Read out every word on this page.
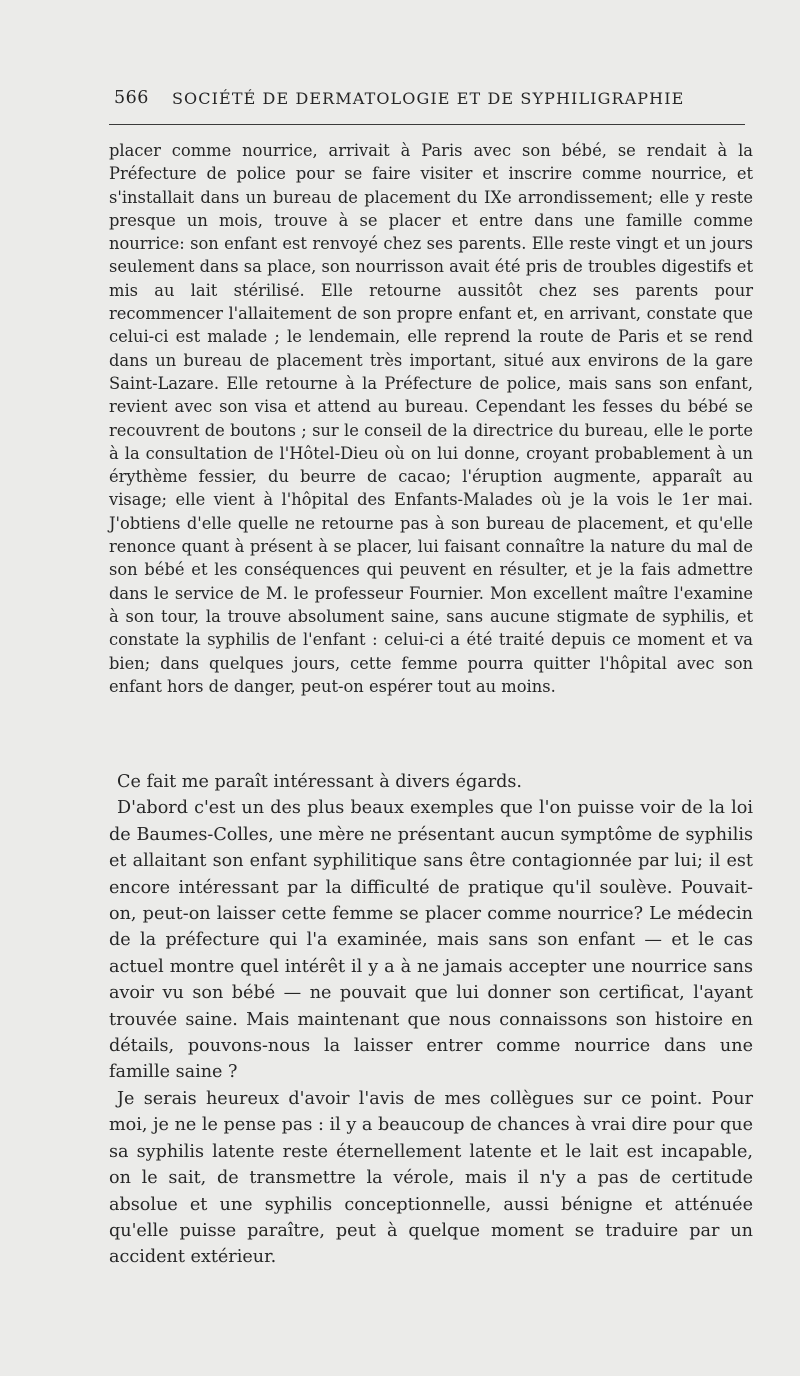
566 SOCIÉTÉ DE DERMATOLOGIE ET DE SYPHILIGRAPHIE

placer comme nourrice, arrivait à Paris avec son bébé, se rendait à la Préfecture de police pour se faire visiter et inscrire comme nourrice, et s'installait dans un bureau de placement du IXe arrondissement; elle y reste presque un mois, trouve à se placer et entre dans une famille comme nourrice: son enfant est renvoyé chez ses parents. Elle reste vingt et un jours seulement dans sa place, son nourrisson avait été pris de troubles digestifs et mis au lait stérilisé. Elle retourne aussitôt chez ses parents pour recommencer l'allaitement de son propre enfant et, en arrivant, constate que celui-ci est malade ; le lendemain, elle reprend la route de Paris et se rend dans un bureau de placement très important, situé aux environs de la gare Saint-Lazare. Elle retourne à la Préfecture de police, mais sans son enfant, revient avec son visa et attend au bureau. Cependant les fesses du bébé se recouvrent de boutons ; sur le conseil de la directrice du bureau, elle le porte à la consultation de l'Hôtel-Dieu où on lui donne, croyant probablement à un érythème fessier, du beurre de cacao; l'éruption augmente, apparaît au visage; elle vient à l'hôpital des Enfants-Malades où je la vois le 1er mai. J'obtiens d'elle quelle ne retourne pas à son bureau de placement, et qu'elle renonce quant à présent à se placer, lui faisant connaître la nature du mal de son bébé et les conséquences qui peuvent en résulter, et je la fais admettre dans le service de M. le professeur Fournier. Mon excellent maître l'examine à son tour, la trouve absolument saine, sans aucune stigmate de syphilis, et constate la syphilis de l'enfant : celui-ci a été traité depuis ce moment et va bien; dans quelques jours, cette femme pourra quitter l'hôpital avec son enfant hors de danger, peut-on espérer tout au moins.

Ce fait me paraît intéressant à divers égards.

D'abord c'est un des plus beaux exemples que l'on puisse voir de la loi de Baumes-Colles, une mère ne présentant aucun symptôme de syphilis et allaitant son enfant syphilitique sans être contagionnée par lui; il est encore intéressant par la difficulté de pratique qu'il soulève. Pouvait-on, peut-on laisser cette femme se placer comme nourrice? Le médecin de la préfecture qui l'a examinée, mais sans son enfant — et le cas actuel montre quel intérêt il y a à ne jamais accepter une nourrice sans avoir vu son bébé — ne pouvait que lui donner son certificat, l'ayant trouvée saine. Mais maintenant que nous connaissons son histoire en détails, pouvons-nous la laisser entrer comme nourrice dans une famille saine ?

Je serais heureux d'avoir l'avis de mes collègues sur ce point. Pour moi, je ne le pense pas : il y a beaucoup de chances à vrai dire pour que sa syphilis latente reste éternellement latente et le lait est incapable, on le sait, de transmettre la vérole, mais il n'y a pas de certitude absolue et une syphilis conceptionnelle, aussi bénigne et atténuée qu'elle puisse paraître, peut à quelque moment se traduire par un accident extérieur.
